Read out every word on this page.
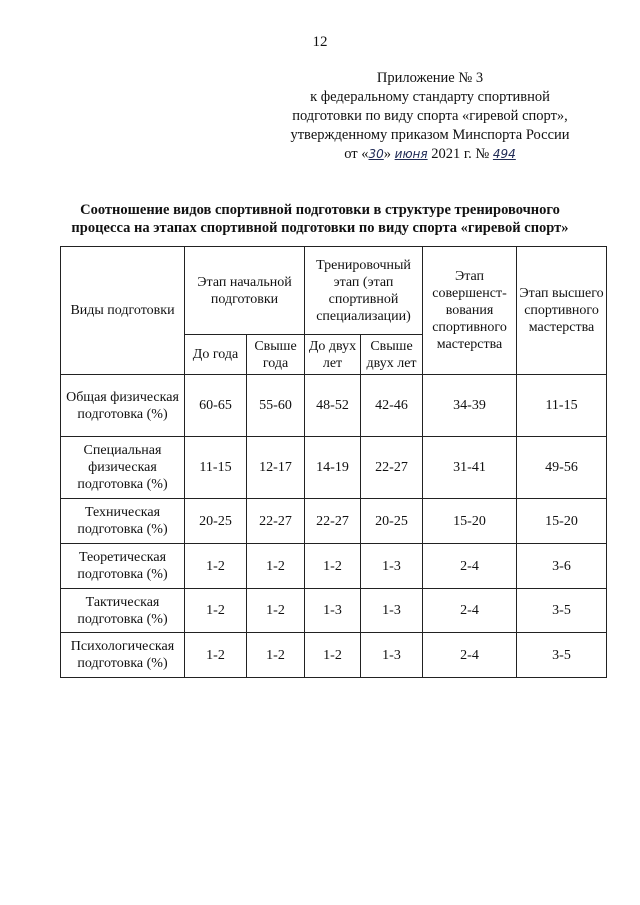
12
Приложение № 3
к федеральному стандарту спортивной
подготовки по виду спорта «гиревой спорт»,
утвержденному приказом Минспорта России
от «30» июня 2021 г. № 494
Соотношение видов спортивной подготовки в структуре тренировочного
процесса на этапах спортивной подготовки по виду спорта «гиревой спорт»
Виды подготовки	Этап начальной подготовки		Тренировочный этап (этап спортивной специализации)		Этап совершенст-вования спортивного мастерства	Этап высшего спортивного мастерства
	До года	Свыше года	До двух лет	Свыше двух лет		
Общая физическая подготовка (%)	60-65	55-60	48-52	42-46	34-39	11-15
Специальная физическая подготовка (%)	11-15	12-17	14-19	22-27	31-41	49-56
Техническая подготовка (%)	20-25	22-27	22-27	20-25	15-20	15-20
Теоретическая подготовка (%)	1-2	1-2	1-2	1-3	2-4	3-6
Тактическая подготовка (%)	1-2	1-2	1-3	1-3	2-4	3-5
Психологическая подготовка (%)	1-2	1-2	1-2	1-3	2-4	3-5
